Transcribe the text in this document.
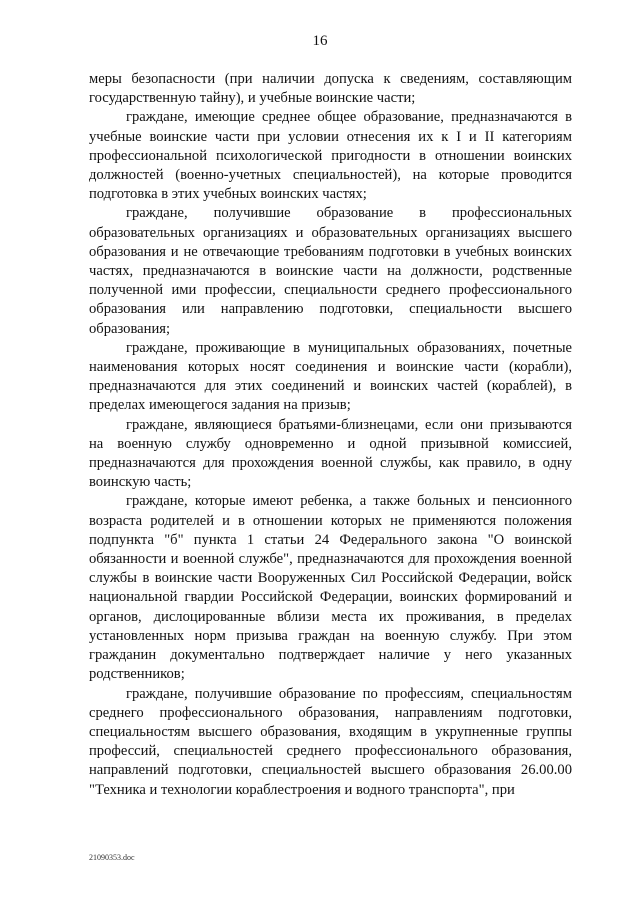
16

меры безопасности (при наличии допуска к сведениям, составляющим государственную тайну), и учебные воинские части;

граждане, имеющие среднее общее образование, предназначаются в учебные воинские части при условии отнесения их к I и II категориям профессиональной психологической пригодности в отношении воинских должностей (военно-учетных специальностей), на которые проводится подготовка в этих учебных воинских частях;

граждане, получившие образование в профессиональных образовательных организациях и образовательных организациях высшего образования и не отвечающие требованиям подготовки в учебных воинских частях, предназначаются в воинские части на должности, родственные полученной ими профессии, специальности среднего профессионального образования или направлению подготовки, специальности высшего образования;

граждане, проживающие в муниципальных образованиях, почетные наименования которых носят соединения и воинские части (корабли), предназначаются для этих соединений и воинских частей (кораблей), в пределах имеющегося задания на призыв;

граждане, являющиеся братьями-близнецами, если они призываются на военную службу одновременно и одной призывной комиссией, предназначаются для прохождения военной службы, как правило, в одну воинскую часть;

граждане, которые имеют ребенка, а также больных и пенсионного возраста родителей и в отношении которых не применяются положения подпункта "б" пункта 1 статьи 24 Федерального закона "О воинской обязанности и военной службе", предназначаются для прохождения военной службы в воинские части Вооруженных Сил Российской Федерации, войск национальной гвардии Российской Федерации, воинских формирований и органов, дислоцированные вблизи места их проживания, в пределах установленных норм призыва граждан на военную службу. При этом гражданин документально подтверждает наличие у него указанных родственников;

граждане, получившие образование по профессиям, специальностям среднего профессионального образования, направлениям подготовки, специальностям высшего образования, входящим в укрупненные группы профессий, специальностей среднего профессионального образования, направлений подготовки, специальностей высшего образования 26.00.00 "Техника и технологии кораблестроения и водного транспорта", при

21090353.doc
